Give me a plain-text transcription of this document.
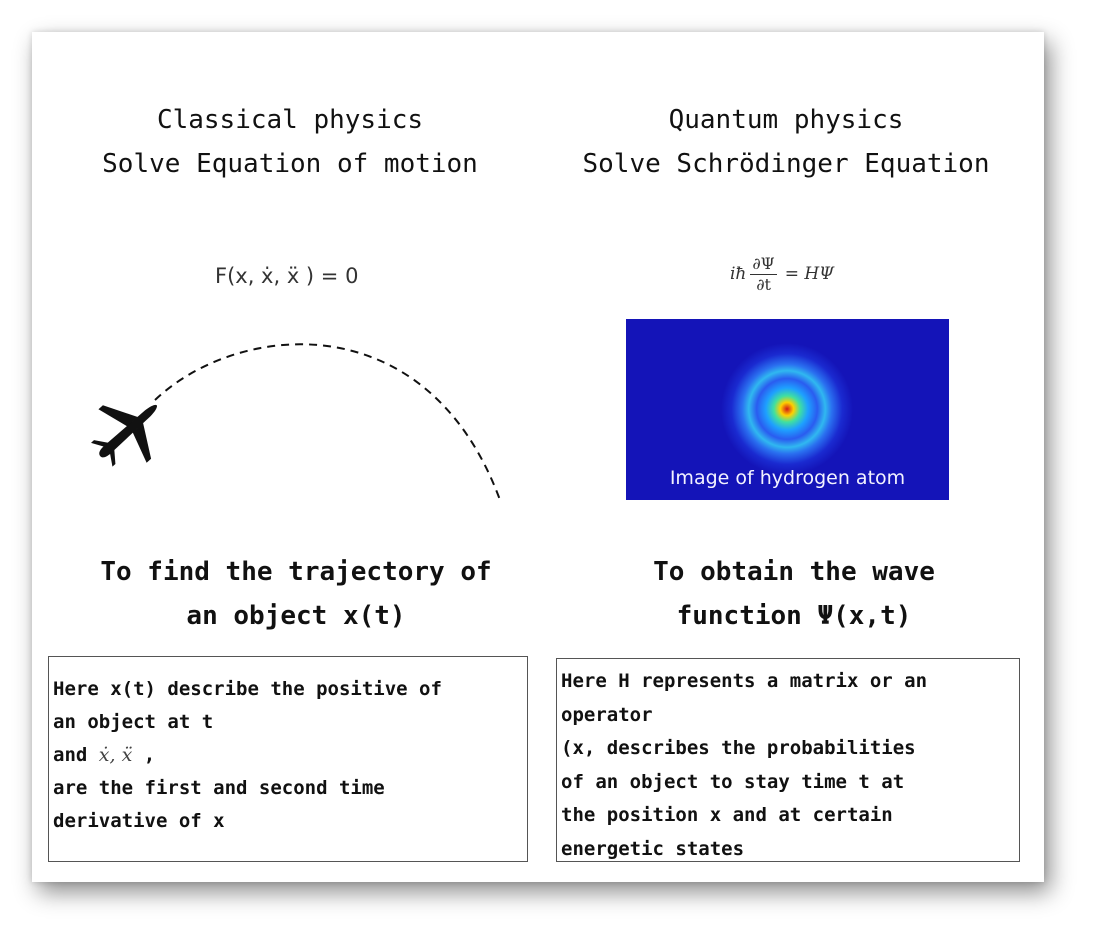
Classical physics
Solve Equation of motion
F(x, ẋ, ẍ ) = 0
To find the trajectory of
an object x(t)
Here x(t) describe the positive of
an object at t
and ẋ, ẍ ,
are the first and second time
derivative of x
Quantum physics
Solve Schrödinger Equation
iħ $\frac{\partial\Psi}{\partial t} = H\Psi$
Image of hydrogen atom
To obtain the wave
function Ψ(x,t)
Here H represents a matrix or an
operator
(x, describes the probabilities
of an object to stay time t at
the position x and at certain
energetic states
